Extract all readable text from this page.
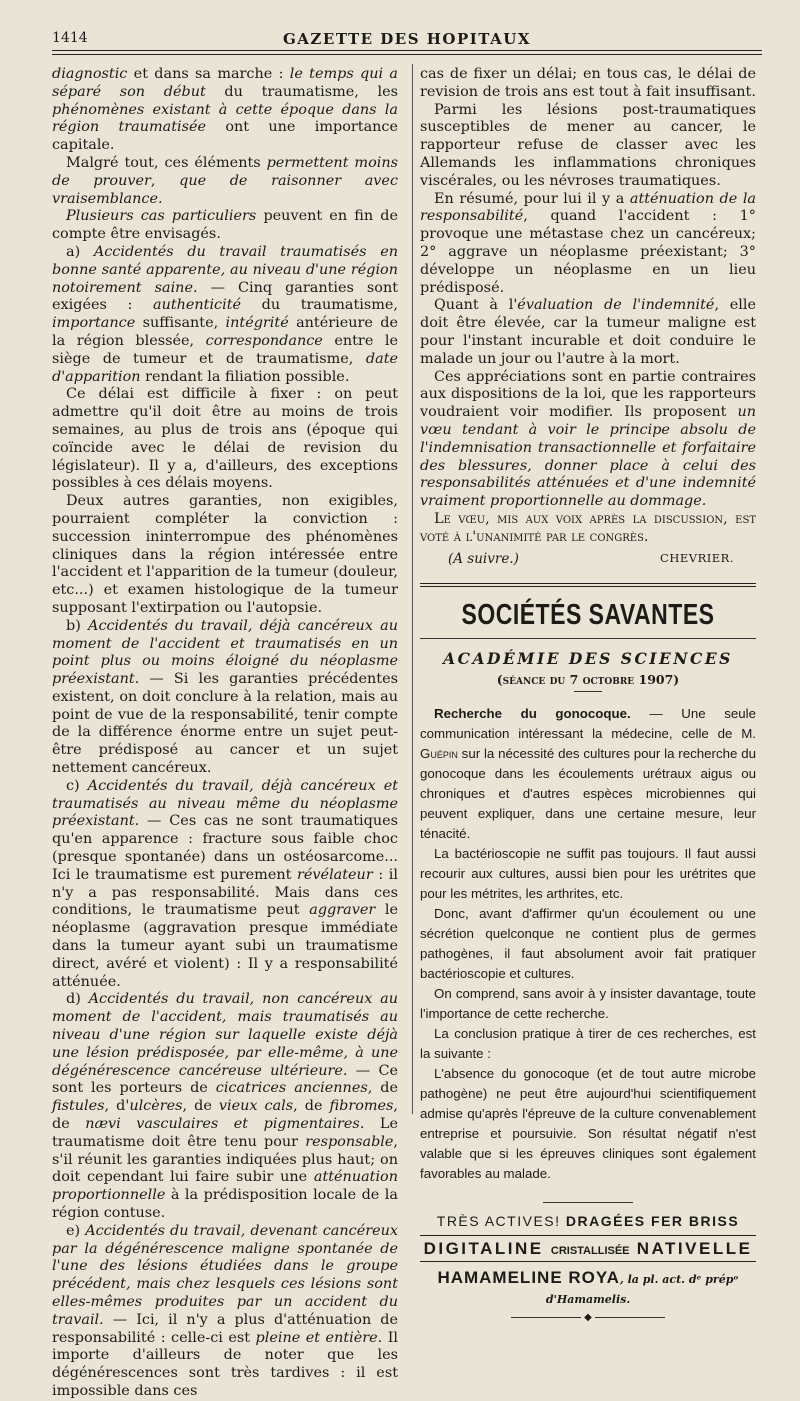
1414	GAZETTE DES HOPITAUX

diagnostic et dans sa marche : le temps qui a séparé son début du traumatisme, les phénomènes existant à cette époque dans la région traumatisée ont une importance capitale.

Malgré tout, ces éléments permettent moins de prouver, que de raisonner avec vraisemblance.

Plusieurs cas particuliers peuvent en fin de compte être envisagés.

a) Accidentés du travail traumatisés en bonne santé apparente, au niveau d'une région notoirement saine. — Cinq garanties sont exigées : authenticité du traumatisme, importance suffisante, intégrité antérieure de la région blessée, correspondance entre le siège de tumeur et de traumatisme, date d'apparition rendant la filiation possible.

Ce délai est difficile à fixer : on peut admettre qu'il doit être au moins de trois semaines, au plus de trois ans (époque qui coïncide avec le délai de revision du législateur). Il y a, d'ailleurs, des exceptions possibles à ces délais moyens.

Deux autres garanties, non exigibles, pourraient compléter la conviction : succession ininterrompue des phénomènes cliniques dans la région intéressée entre l'accident et l'apparition de la tumeur (douleur, etc...) et examen histologique de la tumeur supposant l'extirpation ou l'autopsie.

b) Accidentés du travail, déjà cancéreux au moment de l'accident et traumatisés en un point plus ou moins éloigné du néoplasme préexistant. — Si les garanties précédentes existent, on doit conclure à la relation, mais au point de vue de la responsabilité, tenir compte de la différence énorme entre un sujet peut-être prédisposé au cancer et un sujet nettement cancéreux.

c) Accidentés du travail, déjà cancéreux et traumatisés au niveau même du néoplasme préexistant. — Ces cas ne sont traumatiques qu'en apparence : fracture sous faible choc (presque spontanée) dans un ostéosarcome... Ici le traumatisme est purement révélateur : il n'y a pas responsabilité. Mais dans ces conditions, le traumatisme peut aggraver le néoplasme (aggravation presque immédiate dans la tumeur ayant subi un traumatisme direct, avéré et violent) : Il y a responsabilité atténuée.

d) Accidentés du travail, non cancéreux au moment de l'accident, mais traumatisés au niveau d'une région sur laquelle existe déjà une lésion prédisposée, par elle-même, à une dégénérescence cancéreuse ultérieure. — Ce sont les porteurs de cicatrices anciennes, de fistules, d'ulcères, de vieux cals, de fibromes, de nævi vasculaires et pigmentaires. Le traumatisme doit être tenu pour responsable, s'il réunit les garanties indiquées plus haut; on doit cependant lui faire subir une atténuation proportionnelle à la prédisposition locale de la région contuse.

e) Accidentés du travail, devenant cancéreux par la dégénérescence maligne spontanée de l'une des lésions étudiées dans le groupe précédent, mais chez lesquels ces lésions sont elles-mêmes produites par un accident du travail. — Ici, il n'y a plus d'atténuation de responsabilité : celle-ci est pleine et entière. Il importe d'ailleurs de noter que les dégénérescences sont très tardives : il est impossible dans ces

cas de fixer un délai; en tous cas, le délai de revision de trois ans est tout à fait insuffisant.

Parmi les lésions post-traumatiques susceptibles de mener au cancer, le rapporteur refuse de classer avec les Allemands les inflammations chroniques viscérales, ou les névroses traumatiques.

En résumé, pour lui il y a atténuation de la responsabilité, quand l'accident : 1° provoque une métastase chez un cancéreux; 2° aggrave un néoplasme préexistant; 3° développe un néoplasme en un lieu prédisposé.

Quant à l'évaluation de l'indemnité, elle doit être élevée, car la tumeur maligne est pour l'instant incurable et doit conduire le malade un jour ou l'autre à la mort.

Ces appréciations sont en partie contraires aux dispositions de la loi, que les rapporteurs voudraient voir modifier. Ils proposent un vœu tendant à voir le principe absolu de l'indemnisation transactionnelle et forfaitaire des blessures, donner place à celui des responsabilités atténuées et d'une indemnité vraiment proportionnelle au dommage.

Le vœu, mis aux voix après la discussion, est voté à l'unanimité par le congrès.

(A suivre.)	CHEVRIER.
SOCIÉTÉS SAVANTES
ACADÉMIE DES SCIENCES
(séance du 7 octobre 1907)

Recherche du gonocoque. — Une seule communication intéressant la médecine, celle de M. Guépin sur la nécessité des cultures pour la recherche du gonocoque dans les écoulements urétraux aigus ou chroniques et d'autres espèces microbiennes qui peuvent expliquer, dans une certaine mesure, leur ténacité.

La bactérioscopie ne suffit pas toujours. Il faut aussi recourir aux cultures, aussi bien pour les urétrites que pour les métrites, les arthrites, etc.

Donc, avant d'affirmer qu'un écoulement ou une sécrétion quelconque ne contient plus de germes pathogènes, il faut absolument avoir fait pratiquer bactérioscopie et cultures.

On comprend, sans avoir à y insister davantage, toute l'importance de cette recherche.

La conclusion pratique à tirer de ces recherches, est la suivante :

L'absence du gonocoque (et de tout autre microbe pathogène) ne peut être aujourd'hui scientifiquement admise qu'après l'épreuve de la culture convenablement entreprise et poursuivie. Son résultat négatif n'est valable que si les épreuves cliniques sont également favorables au malade.

TRÈS ACTIVES! DRAGÉES FER BRISS
DIGITALINE CRISTALLISÉE NATIVELLE
HAMAMELINE ROYA, la pl. act. dᵉ prépᵒ d'Hamamelis.
◆
